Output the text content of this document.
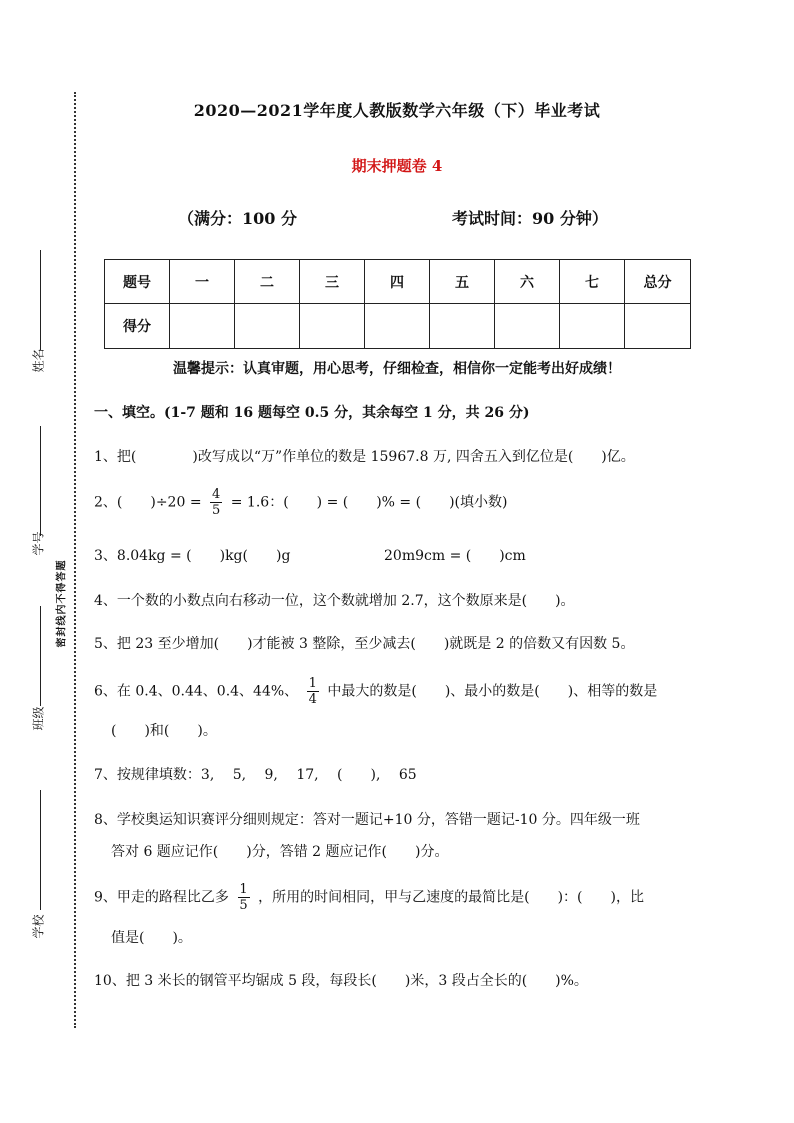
姓名
学号
班级
学校
密封线内不得答题
2020—2021学年度人教版数学六年级（下）毕业考试
期末押题卷 4
（满分：100 分	考试时间：90 分钟）
题号	一	二	三	四	五	六	七	总分
得分								
温馨提示：认真审题，用心思考，仔细检查，相信你一定能考出好成绩！
一、填空。(1-7 题和 16 题每空 0.5 分，其余每空 1 分，共 26 分)
1、把(　　　　)改写成以“万”作单位的数是 15967.8 万, 四舍五入到亿位是(　　)亿。
2、(　　)$\div 20 = \frac{4}{5} = 1.6$：(　　) = (　　)% = (　　)(填小数)
3、8.04kg = (　　)kg(　　)g	20m9cm = (　　)cm
4、一个数的小数点向右移动一位，这个数就增加 2.7，这个数原来是(　　)。
5、把 23 至少增加(　　)才能被 3 整除，至少减去(　　)就既是 2 的倍数又有因数 5。
6、在 0.4、0.44、0.4、44%、 $\frac{1}{4}$ 中最大的数是(　　)、最小的数是(　　)、相等的数是
(　　)和(　　)。
7、按规律填数：3,　 5,　 9,　 17,　 (　　),　 65
8、学校奥运知识赛评分细则规定：答对一题记+10 分，答错一题记-10 分。四年级一班
答对 6 题应记作(　　)分，答错 2 题应记作(　　)分。
9、甲走的路程比乙多 $\frac{1}{5}$ ，所用的时间相同，甲与乙速度的最简比是(　　)：(　　)，比
值是(　　)。
10、把 3 米长的钢管平均锯成 5 段，每段长(　　)米，3 段占全长的(　　)%。
